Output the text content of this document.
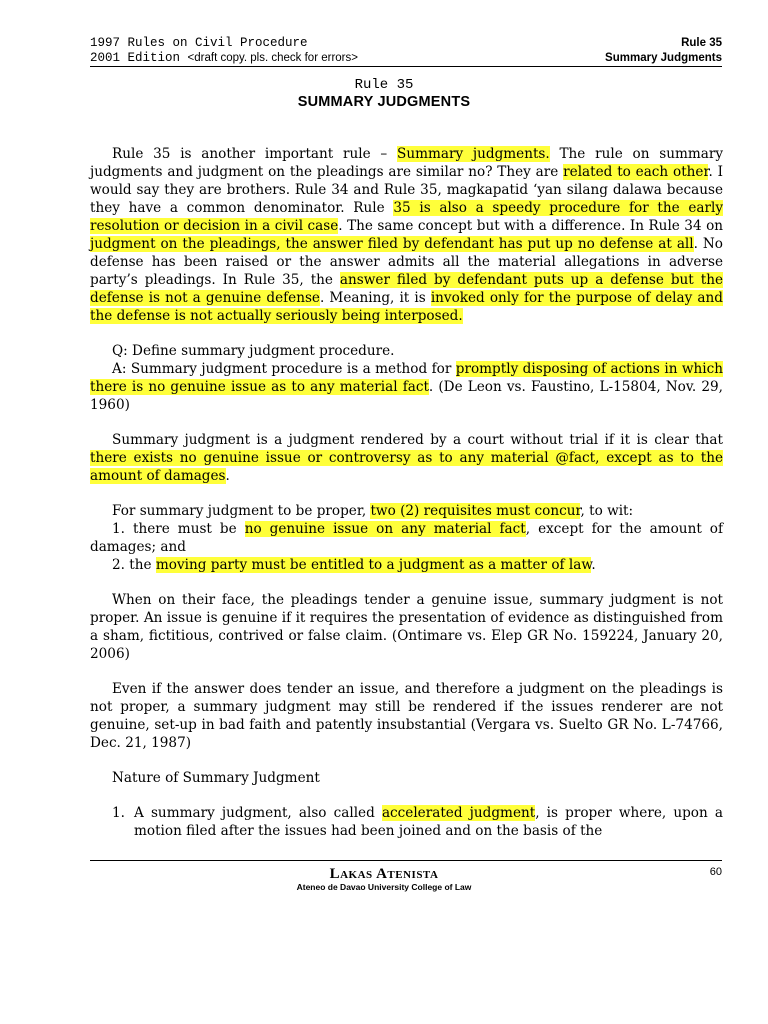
1997 Rules on Civil Procedure
2001 Edition <draft copy. pls. check for errors>
Rule 35
Summary Judgments
Rule 35
SUMMARY JUDGMENTS

Rule 35 is another important rule – Summary judgments. The rule on summary judgments and judgment on the pleadings are similar no? They are related to each other. I would say they are brothers. Rule 34 and Rule 35, magkapatid ‘yan silang dalawa because they have a common denominator. Rule 35 is also a speedy procedure for the early resolution or decision in a civil case. The same concept but with a difference. In Rule 34 on judgment on the pleadings, the answer filed by defendant has put up no defense at all. No defense has been raised or the answer admits all the material allegations in adverse party’s pleadings. In Rule 35, the answer filed by defendant puts up a defense but the defense is not a genuine defense. Meaning, it is invoked only for the purpose of delay and the defense is not actually seriously being interposed.

Q: Define summary judgment procedure.

A: Summary judgment procedure is a method for promptly disposing of actions in which there is no genuine issue as to any material fact. (De Leon vs. Faustino, L-15804, Nov. 29, 1960)

Summary judgment is a judgment rendered by a court without trial if it is clear that there exists no genuine issue or controversy as to any material @fact, except as to the amount of damages.

For summary judgment to be proper, two (2) requisites must concur, to wit:

1. there must be no genuine issue on any material fact, except for the amount of damages; and

2. the moving party must be entitled to a judgment as a matter of law.

When on their face, the pleadings tender a genuine issue, summary judgment is not proper. An issue is genuine if it requires the presentation of evidence as distinguished from a sham, fictitious, contrived or false claim. (Ontimare vs. Elep GR No. 159224, January 20, 2006)

Even if the answer does tender an issue, and therefore a judgment on the pleadings is not proper, a summary judgment may still be rendered if the issues renderer are not genuine, set-up in bad faith and patently insubstantial (Vergara vs. Suelto GR No. L-74766, Dec. 21, 1987)

Nature of Summary Judgment

1. A summary judgment, also called accelerated judgment, is proper where, upon a motion filed after the issues had been joined and on the basis of the
Lakas Atenista
Ateneo de Davao University College of Law
60
